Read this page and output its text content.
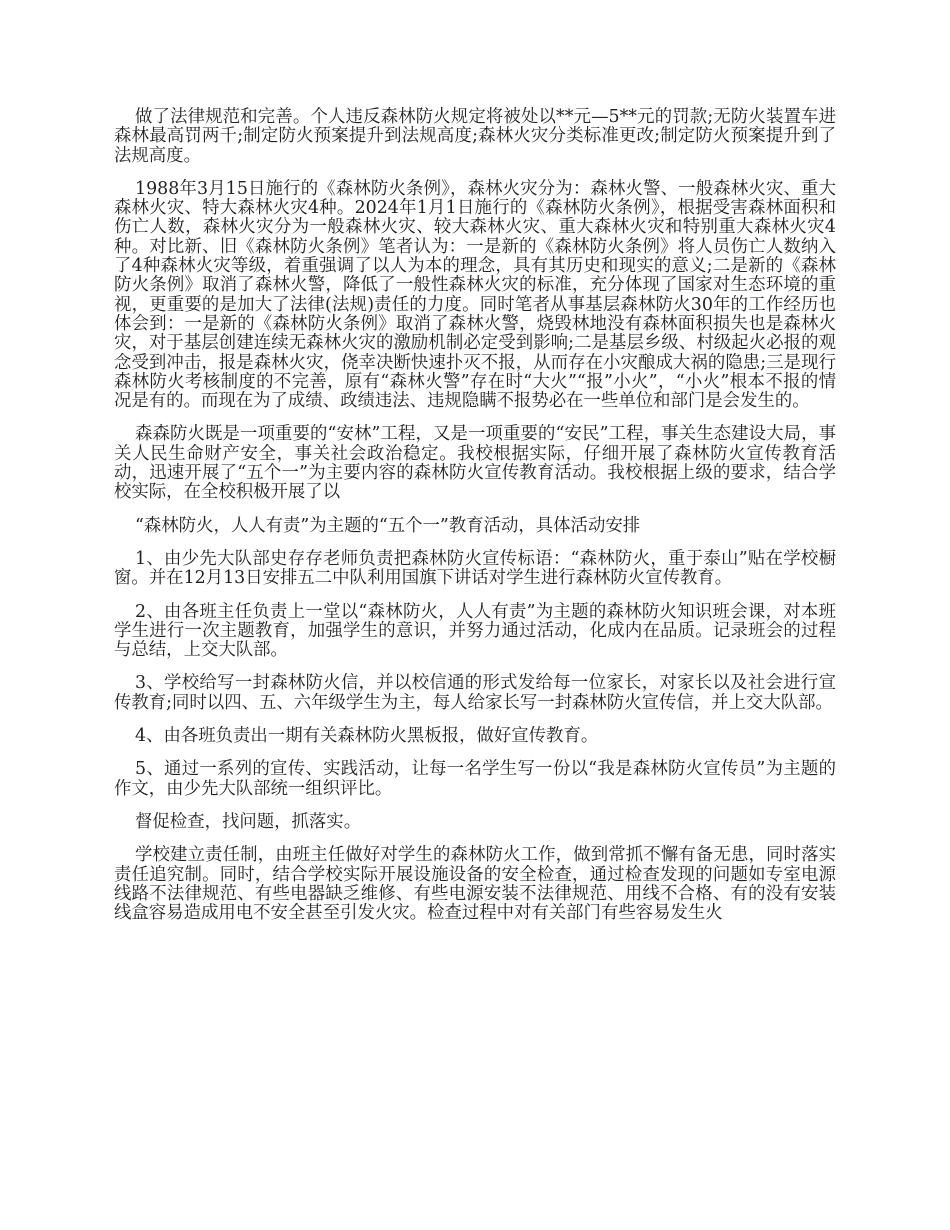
做了法律规范和完善。个人违反森林防火规定将被处以**元—5**元的罚款;无防火装置车进森林最高罚两千;制定防火预案提升到法规高度;森林火灾分类标准更改;制定防火预案提升到了法规高度。

1988年3月15日施行的《森林防火条例》，森林火灾分为：森林火警、一般森林火灾、重大森林火灾、特大森林火灾4种。2024年1月1日施行的《森林防火条例》，根据受害森林面积和伤亡人数，森林火灾分为一般森林火灾、较大森林火灾、重大森林火灾和特别重大森林火灾4种。对比新、旧《森林防火条例》笔者认为：一是新的《森林防火条例》将人员伤亡人数纳入了4种森林火灾等级，着重强调了以人为本的理念，具有其历史和现实的意义;二是新的《森林防火条例》取消了森林火警，降低了一般性森林火灾的标准，充分体现了国家对生态环境的重视，更重要的是加大了法律(法规)责任的力度。同时笔者从事基层森林防火30年的工作经历也体会到：一是新的《森林防火条例》取消了森林火警，烧毁林地没有森林面积损失也是森林火灾，对于基层创建连续无森林火灾的激励机制必定受到影响;二是基层乡级、村级起火必报的观念受到冲击，报是森林火灾，侥幸决断快速扑灭不报，从而存在小灾酿成大祸的隐患;三是现行森林防火考核制度的不完善，原有“森林火警”存在时“大火”“报”小火”，“小火”根本不报的情况是有的。而现在为了成绩、政绩违法、违规隐瞒不报势必在一些单位和部门是会发生的。

森森防火既是一项重要的“安林”工程，又是一项重要的“安民”工程，事关生态建设大局，事关人民生命财产安全，事关社会政治稳定。我校根据实际，仔细开展了森林防火宣传教育活动，迅速开展了“五个一”为主要内容的森林防火宣传教育活动。我校根据上级的要求，结合学校实际，在全校积极开展了以

“森林防火，人人有责”为主题的“五个一”教育活动，具体活动安排

1、由少先大队部史存存老师负责把森林防火宣传标语：“森林防火，重于泰山”贴在学校橱窗。并在12月13日安排五二中队利用国旗下讲话对学生进行森林防火宣传教育。

2、由各班主任负责上一堂以“森林防火，人人有责”为主题的森林防火知识班会课，对本班学生进行一次主题教育，加强学生的意识，并努力通过活动，化成内在品质。记录班会的过程与总结，上交大队部。

3、学校给写一封森林防火信，并以校信通的形式发给每一位家长，对家长以及社会进行宣传教育;同时以四、五、六年级学生为主，每人给家长写一封森林防火宣传信，并上交大队部。

4、由各班负责出一期有关森林防火黑板报，做好宣传教育。

5、通过一系列的宣传、实践活动，让每一名学生写一份以“我是森林防火宣传员”为主题的作文，由少先大队部统一组织评比。

督促检查，找问题，抓落实。

学校建立责任制，由班主任做好对学生的森林防火工作，做到常抓不懈有备无患，同时落实责任追究制。同时，结合学校实际开展设施设备的安全检查，通过检查发现的问题如专室电源线路不法律规范、有些电器缺乏维修、有些电源安装不法律规范、用线不合格、有的没有安装线盒容易造成用电不安全甚至引发火灾。检查过程中对有关部门有些容易发生火
